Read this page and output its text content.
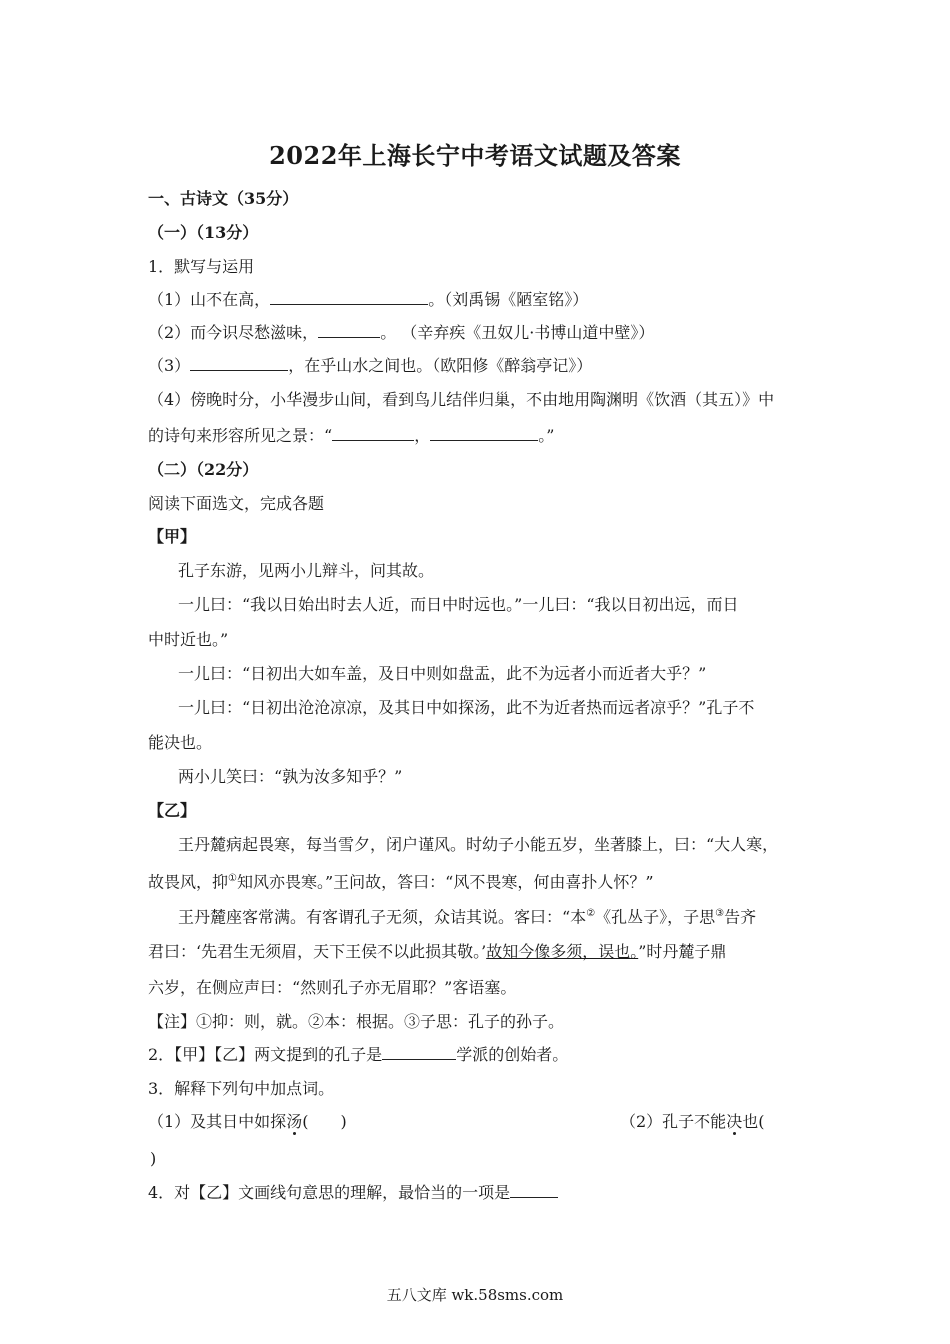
2022年上海长宁中考语文试题及答案
一、古诗文（35分）
（一）（13分）
1．默写与运用
（1）山不在高，	。（刘禹锡《陋室铭》）
（2）而今识尽愁滋味，	。 （辛弃疾《丑奴儿·书博山道中壁》）
（3）	，在乎山水之间也。（欧阳修《醉翁亭记》）
（4）傍晚时分，小华漫步山间，看到鸟儿结伴归巢，不由地用陶渊明《饮酒（其五）》中
的诗句来形容所见之景：“	，	。”
（二）（22分）
阅读下面选文，完成各题
【甲】
孔子东游，见两小儿辩斗，问其故。
一儿曰：“我以日始出时去人近，而日中时远也。”一儿曰：“我以日初出远，而日
中时近也。”
一儿曰：“日初出大如车盖，及日中则如盘盂，此不为远者小而近者大乎？”
一儿曰：“日初出沧沧凉凉，及其日中如探汤，此不为近者热而远者凉乎？”孔子不
能决也。
两小儿笑曰：“孰为汝多知乎？”
【乙】
王丹麓病起畏寒，每当雪夕，闭户谨风。时幼子小能五岁，坐著膝上，曰：“大人寒，
故畏风，抑①知风亦畏寒。”王问故，答曰：“风不畏寒，何由喜扑人怀？”
王丹麓座客常满。有客谓孔子无须，众诘其说。客曰：“本②《孔丛子》，子思③告齐
君曰：‘先君生无须眉，天下王侯不以此损其敬。’故知今像多须，误也。”时丹麓子鼎
六岁，在侧应声曰：“然则孔子亦无眉耶？”客语塞。
【注】①抑：则，就。②本：根据。③子思：孔子的孙子。
2．【甲】【乙】两文提到的孔子是	学派的创始者。
3．解释下列句中加点词。
（1）及其日中如探汤(　　)	（2）孔子不能决也(
)
4．对【乙】文画线句意思的理解，最恰当的一项是
五八文库 wk.58sms.com
